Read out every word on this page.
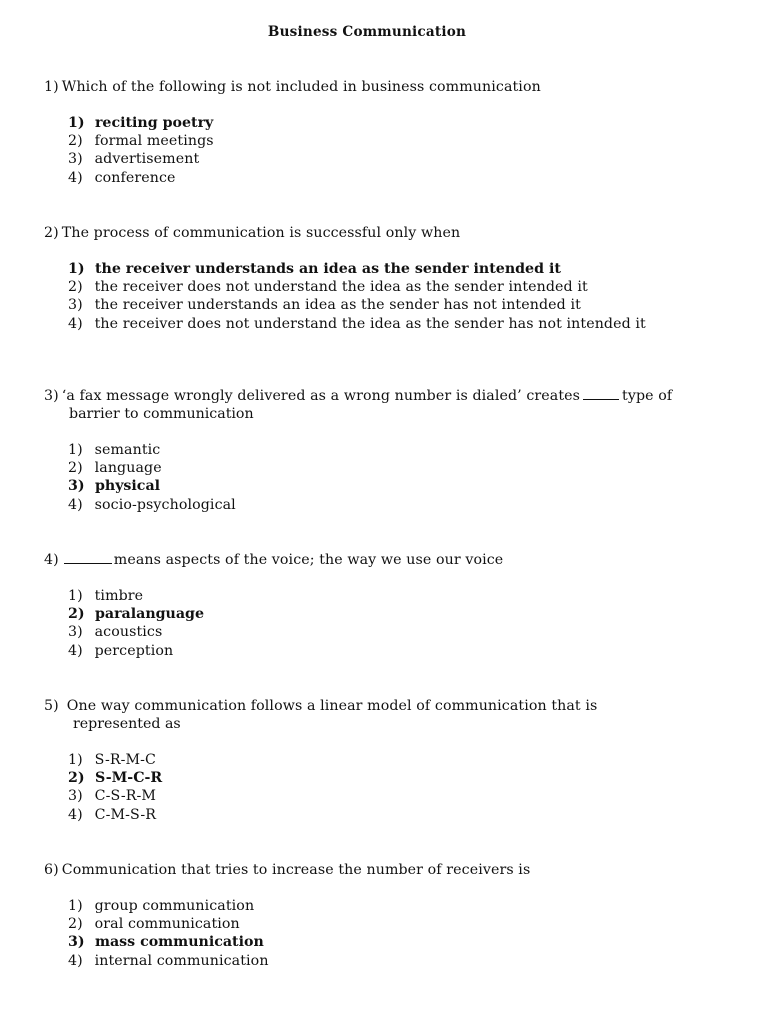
Business Communication
1) Which of the following is not included in business communication
1) reciting poetry
2) formal meetings
3) advertisement
4) conference
2) The process of communication is successful only when
1) the receiver understands an idea as the sender intended it
2) the receiver does not understand the idea as the sender intended it
3) the receiver understands an idea as the sender has not intended it
4) the receiver does not understand the idea as the sender has not intended it
3) ‘a fax message wrongly delivered as a wrong number is dialed’ creates	type of
barrier to communication
1) semantic
2) language
3) physical
4) socio-psychological
4)	means aspects of the voice; the way we use our voice
1) timbre
2) paralanguage
3) acoustics
4) perception
5) One way communication follows a linear model of communication that is
represented as
1) S-R-M-C
2) S-M-C-R
3) C-S-R-M
4) C-M-S-R
6) Communication that tries to increase the number of receivers is
1) group communication
2) oral communication
3) mass communication
4) internal communication
